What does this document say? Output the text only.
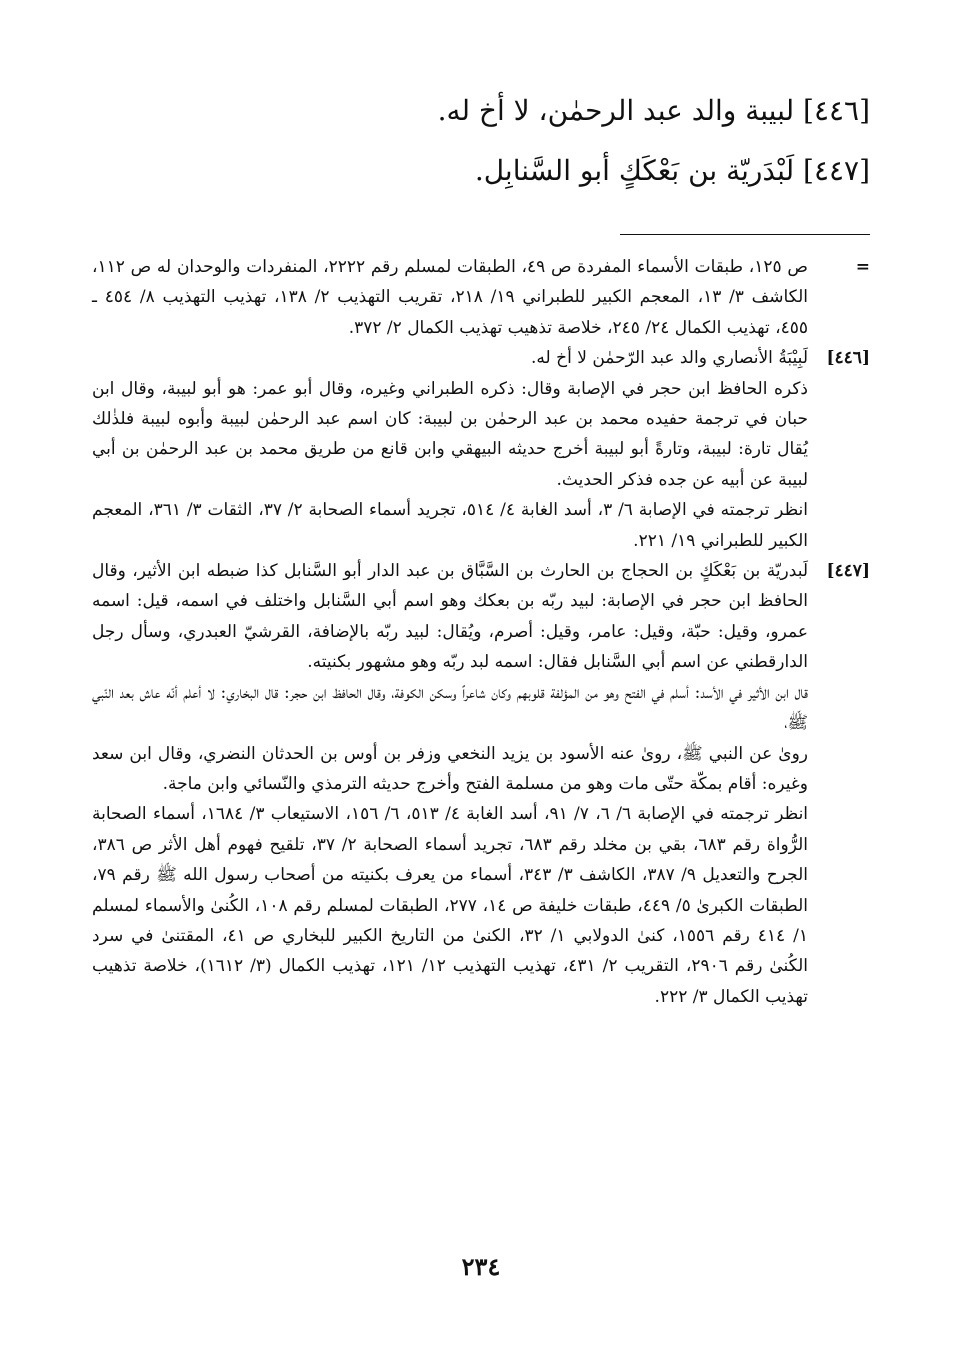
[٤٤٦] لبيبة والد عبد الرحمٰن، لا أخ له.

[٤٤٧] لَبْدَريّة بن بَعْكَكٍ أبو السَّنابِل.

=

ص ١٢٥، طبقات الأسماء المفردة ص ٤٩، الطبقات لمسلم رقم ٢٢٢٢، المنفردات والوحدان له ص ١١٢، الكاشف ٣/ ١٣، المعجم الكبير للطبراني ١٩/ ٢١٨، تقريب التهذيب ٢/ ١٣٨، تهذيب التهذيب ٨/ ٤٥٤ ـ ٤٥٥، تهذيب الكمال ٢٤/ ٢٤٥، خلاصة تذهيب تهذيب الكمال ٢/ ٣٧٢.

[٤٤٦]

لَبِيْبَةُ الأنصاري والد عبد الرّحمٰن لا أخ له.

ذكره الحافظ ابن حجر في الإصابة وقال: ذكره الطبراني وغيره، وقال أبو عمر: هو أبو لبيبة، وقال ابن حبان في ترجمة حفيده محمد بن عبد الرحمٰن بن لبيبة: كان اسم عبد الرحمٰن لبيبة وأبوه لبيبة فلذٰلك يُقال تارة: لبيبة، وتارةً أبو لبيبة أخرج حديثه البيهقي وابن قانع من طريق محمد بن عبد الرحمٰن بن أبي لبيبة عن أبيه عن جده فذكر الحديث.

انظر ترجمته في الإصابة ٦/ ٣، أسد الغابة ٤/ ٥١٤، تجريد أسماء الصحابة ٢/ ٣٧، الثقات ٣/ ٣٦١، المعجم الكبير للطبراني ١٩/ ٢٢١.

[٤٤٧]

لَبدريّة بن بَعْكَكٍ بن الحجاج بن الحارث بن السَّبَّاق بن عبد الدار أبو السَّنابل كذا ضبطه ابن الأثير، وقال الحافظ ابن حجر في الإصابة: لبيد ربّه بن بعكك وهو اسم أبي السَّنابل واختلف في اسمه، قيل: اسمه عمرو، وقيل: حبّة، وقيل: عامر، وقيل: أصرم، ويُقال: لبيد ربّه بالإضافة، القرشيّ العبدري، وسأل رجل الدارقطني عن اسم أبي السَّنابل فقال: اسمه لبد ربّه وهو مشهور بكنيته.

قال ابن الأثير في الأسد: أسلم في الفتح وهو من المؤلفة قلوبهم وكان شاعراً وسكن الكوفة، وقال الحافظ ابن حجر: قال البخاري: لا أعلم أنّه عاش بعد النّبي ﷺ،

روىٰ عن النبي ﷺ، روىٰ عنه الأسود بن يزيد النخعي وزفر بن أوس بن الحدثان النضري، وقال ابن سعد وغيره: أقام بمكّة حتّى مات وهو من مسلمة الفتح وأخرج حديثه الترمذي والنّسائي وابن ماجة.

انظر ترجمته في الإصابة ٦/ ٦، ٧/ ٩١، أسد الغابة ٤/ ٥١٣، ٦/ ١٥٦، الاستيعاب ٣/ ١٦٨٤، أسماء الصحابة الرُّواة رقم ٦٨٣، بقي بن مخلد رقم ٦٨٣، تجريد أسماء الصحابة ٢/ ٣٧، تلقيح فهوم أهل الأثر ص ٣٨٦، الجرح والتعديل ٩/ ٣٨٧، الكاشف ٣/ ٣٤٣، أسماء من يعرف بكنيته من أصحاب رسول الله ﷺ رقم ٧٩، الطبقات الكبرىٰ ٥/ ٤٤٩، طبقات خليفة ص ١٤، ٢٧٧، الطبقات لمسلم رقم ١٠٨، الكُنىٰ والأسماء لمسلم ١/ ٤١٤ رقم ١٥٥٦، كنىٰ الدولابي ١/ ٣٢، الكنىٰ من التاريخ الكبير للبخاري ص ٤١، المقتنىٰ في سرد الكُنىٰ رقم ٢٩٠٦، التقريب ٢/ ٤٣١، تهذيب التهذيب ١٢/ ١٢١، تهذيب الكمال (٣/ ١٦١٢)، خلاصة تذهيب تهذيب الكمال ٣/ ٢٢٢.

٢٣٤
